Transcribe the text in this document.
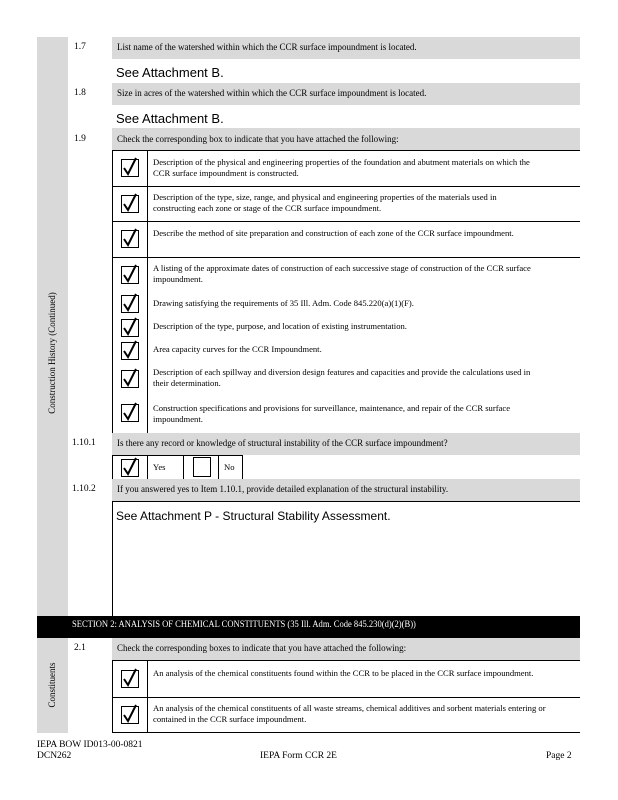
Construction History (Continued)
Constituents
1.7	List name of the watershed within which the CCR surface impoundment is located.
See Attachment B.
1.8	Size in acres of the watershed within which the CCR surface impoundment is located.
See Attachment B.
1.9	Check the corresponding box to indicate that you have attached the following:
Description of the physical and engineering properties of the foundation and abutment materials on which the CCR surface impoundment is constructed.
Description of the type, size, range, and physical and engineering properties of the materials used in constructing each zone or stage of the CCR surface impoundment.
Describe the method of site preparation and construction of each zone of the CCR surface impoundment.
A listing of the approximate dates of construction of each successive stage of construction of the CCR surface impoundment.
Drawing satisfying the requirements of 35 Ill. Adm. Code 845.220(a)(1)(F).
Description of the type, purpose, and location of existing instrumentation.
Area capacity curves for the CCR Impoundment.
Description of each spillway and diversion design features and capacities and provide the calculations used in their determination.
Construction specifications and provisions for surveillance, maintenance, and repair of the CCR surface impoundment.
1.10.1 Is there any record or knowledge of structural instability of the CCR surface impoundment?
Yes	No
1.10.2 If you answered yes to Item 1.10.1, provide detailed explanation of the structural instability.
See Attachment P - Structural Stability Assessment.
SECTION 2: ANALYSIS OF CHEMICAL CONSTITUENTS (35 Ill. Adm. Code 845.230(d)(2)(B))
2.1	Check the corresponding boxes to indicate that you have attached the following:
An analysis of the chemical constituents found within the CCR to be placed in the CCR surface impoundment.
An analysis of the chemical constituents of all waste streams, chemical additives and sorbent materials entering or contained in the CCR surface impoundment.
IEPA BOW ID013-00-0821
DCN262	IEPA Form CCR 2E	Page 2
